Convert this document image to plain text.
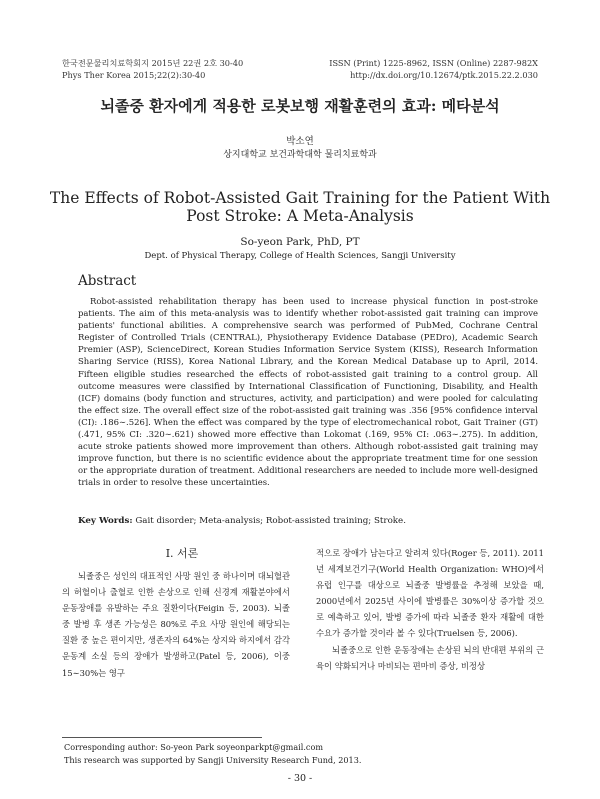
한국전문물리치료학회지 2015년 22권 2호 30-40
Phys Ther Korea 2015;22(2):30-40
ISSN (Print) 1225-8962, ISSN (Online) 2287-982X
http://dx.doi.org/10.12674/ptk.2015.22.2.030
뇌졸중 환자에게 적용한 로봇보행 재활훈련의 효과: 메타분석
박소연
상지대학교 보건과학대학 물리치료학과
The Effects of Robot-Assisted Gait Training for the Patient With Post Stroke: A Meta-Analysis
So-yeon Park, PhD, PT
Dept. of Physical Therapy, College of Health Sciences, Sangji University
Abstract

Robot-assisted rehabilitation therapy has been used to increase physical function in post-stroke patients. The aim of this meta-analysis was to identify whether robot-assisted gait training can improve patients' functional abilities. A comprehensive search was performed of PubMed, Cochrane Central Register of Controlled Trials (CENTRAL), Physiotherapy Evidence Database (PEDro), Academic Search Premier (ASP), ScienceDirect, Korean Studies Information Service System (KISS), Research Information Sharing Service (RISS), Korea National Library, and the Korean Medical Database up to April, 2014. Fifteen eligible studies researched the effects of robot-assisted gait training to a control group. All outcome measures were classified by International Classification of Functioning, Disability, and Health (ICF) domains (body function and structures, activity, and participation) and were pooled for calculating the effect size. The overall effect size of the robot-assisted gait training was .356 [95% confidence interval (CI): .186∼.526]. When the effect was compared by the type of electromechanical robot, Gait Trainer (GT) (.471, 95% CI: .320∼.621) showed more effective than Lokomat (.169, 95% CI: .063∼.275). In addition, acute stroke patients showed more improvement than others. Although robot-assisted gait training may improve function, but there is no scientific evidence about the appropriate treatment time for one session or the appropriate duration of treatment. Additional researchers are needed to include more well-designed trials in order to resolve these uncertainties.

Key Words: Gait disorder; Meta-analysis; Robot-assisted training; Stroke.
Ⅰ. 서론

뇌졸중은 성인의 대표적인 사망 원인 중 하나이며 대뇌혈관의 허혈이나 출혈로 인한 손상으로 인해 신경계 재활분야에서 운동장애를 유발하는 주요 질환이다(Feigin 등, 2003). 뇌졸중 발병 후 생존 가능성은 80%로 주요 사망 원인에 해당되는 질환 중 높은 편이지만, 생존자의 64%는 상지와 하지에서 감각운동계 소실 등의 장애가 발생하고(Patel 등, 2006), 이중 15∼30%는 영구

적으로 장애가 남는다고 알려져 있다(Roger 등, 2011). 2011년 세계보건기구(World Health Organization: WHO)에서 유럽 인구를 대상으로 뇌졸중 발병률을 추정해 보았을 때, 2000년에서 2025년 사이에 발병률은 30%이상 증가할 것으로 예측하고 있어, 발병 증가에 따라 뇌졸중 환자 재활에 대한 수요가 증가할 것이라 볼 수 있다(Truelsen 등, 2006).
뇌졸중으로 인한 운동장애는 손상된 뇌의 반대편 부위의 근육이 약화되거나 마비되는 편마비 증상, 비정상
Corresponding author: So-yeon Park soyeonparkpt@gmail.com
This research was supported by Sangji University Research Fund, 2013.
- 30 -
